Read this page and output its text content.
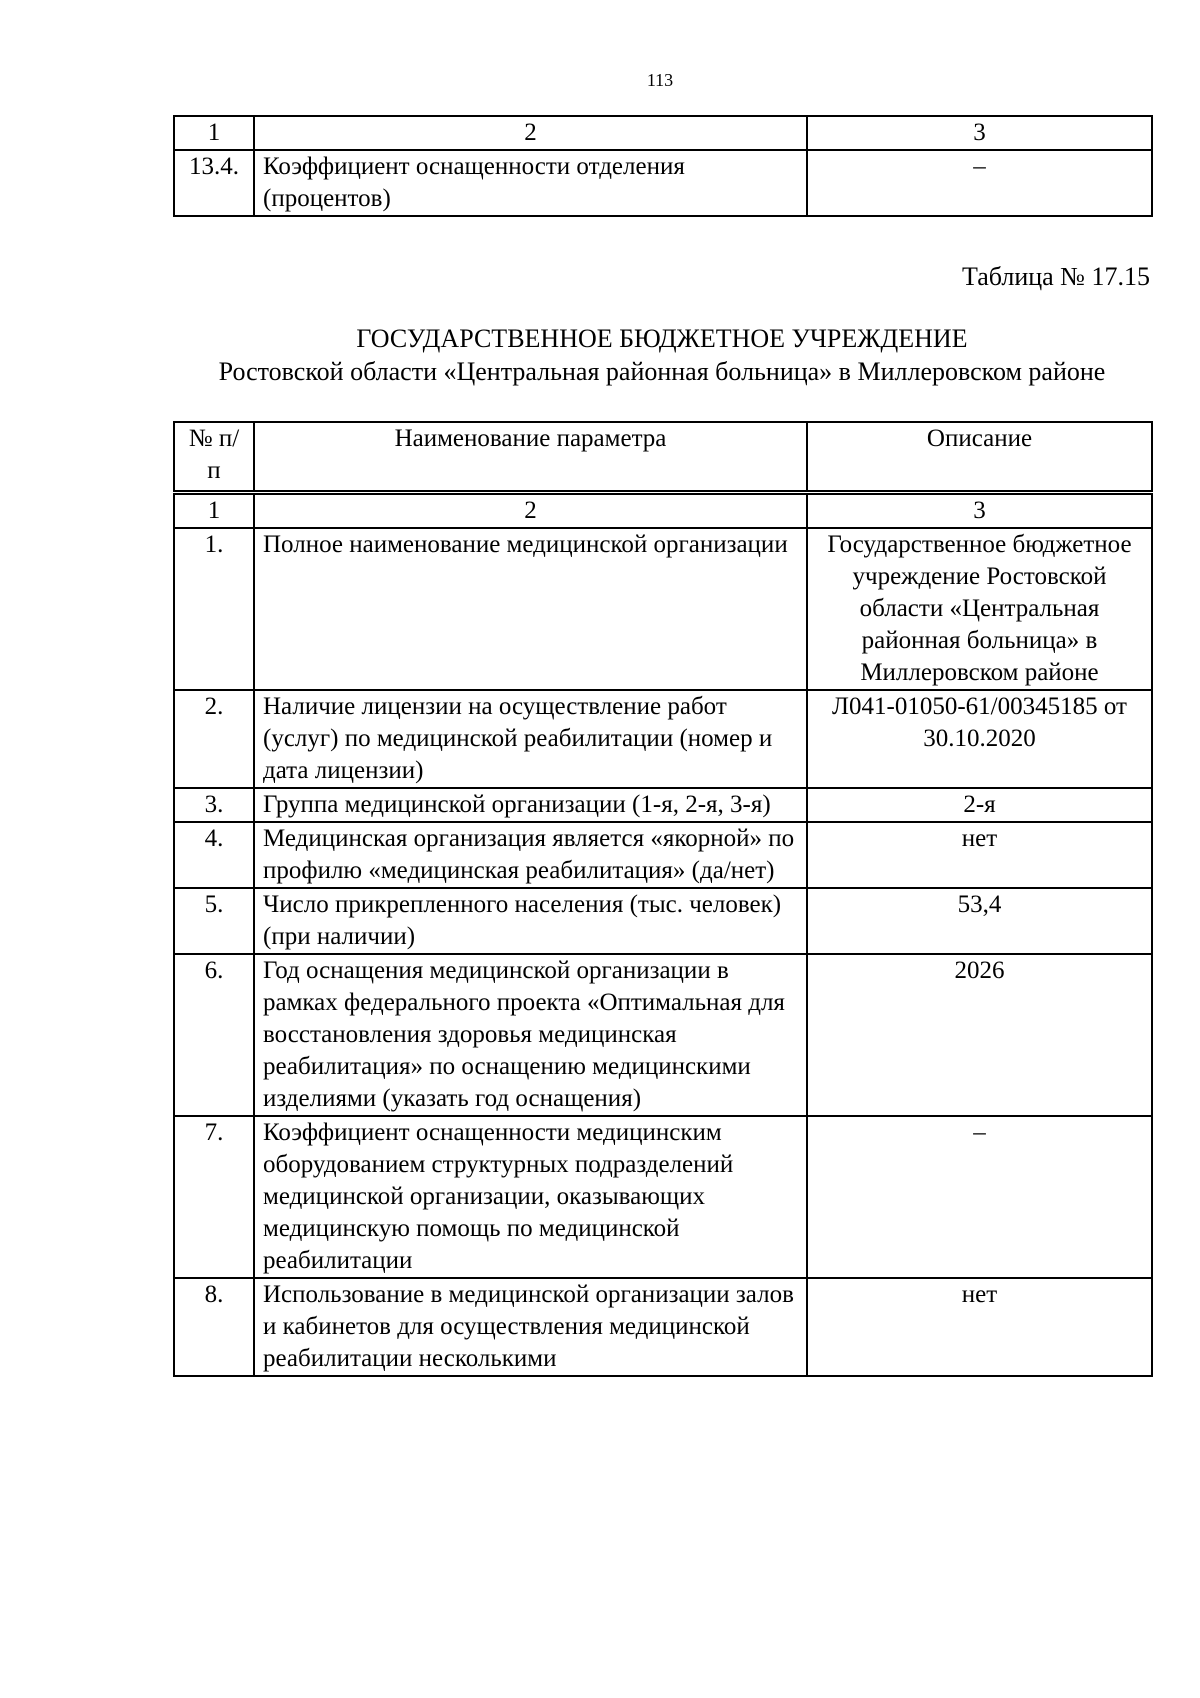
113
1	2	3
13.4.	Коэффициент оснащенности отделения (процентов)	–
Таблица № 17.15
ГОСУДАРСТВЕННОЕ БЮДЖЕТНОЕ УЧРЕЖДЕНИЕ
Ростовской области «Центральная районная больница» в Миллеровском районе
№ п/п	Наименование параметра	Описание
1	2	3
1.	Полное наименование медицинской организации	Государственное бюджетное учреждение Ростовской области «Центральная районная больница» в Миллеровском районе
2.	Наличие лицензии на осуществление работ (услуг) по медицинской реабилитации (номер и дата лицензии)	Л041-01050-61/00345185 от 30.10.2020
3.	Группа медицинской организации (1-я, 2-я, 3-я)	2-я
4.	Медицинская организация является «якорной» по профилю «медицинская реабилитация» (да/нет)	нет
5.	Число прикрепленного населения (тыс. человек) (при наличии)	53,4
6.	Год оснащения медицинской организации в рамках федерального проекта «Оптимальная для восстановления здоровья медицинская реабилитация» по оснащению медицинскими изделиями (указать год оснащения)	2026
7.	Коэффициент оснащенности медицинским оборудованием структурных подразделений медицинской организации, оказывающих медицинскую помощь по медицинской реабилитации	–
8.	Использование в медицинской организации залов и кабинетов для осуществления медицинской реабилитации несколькими	нет
